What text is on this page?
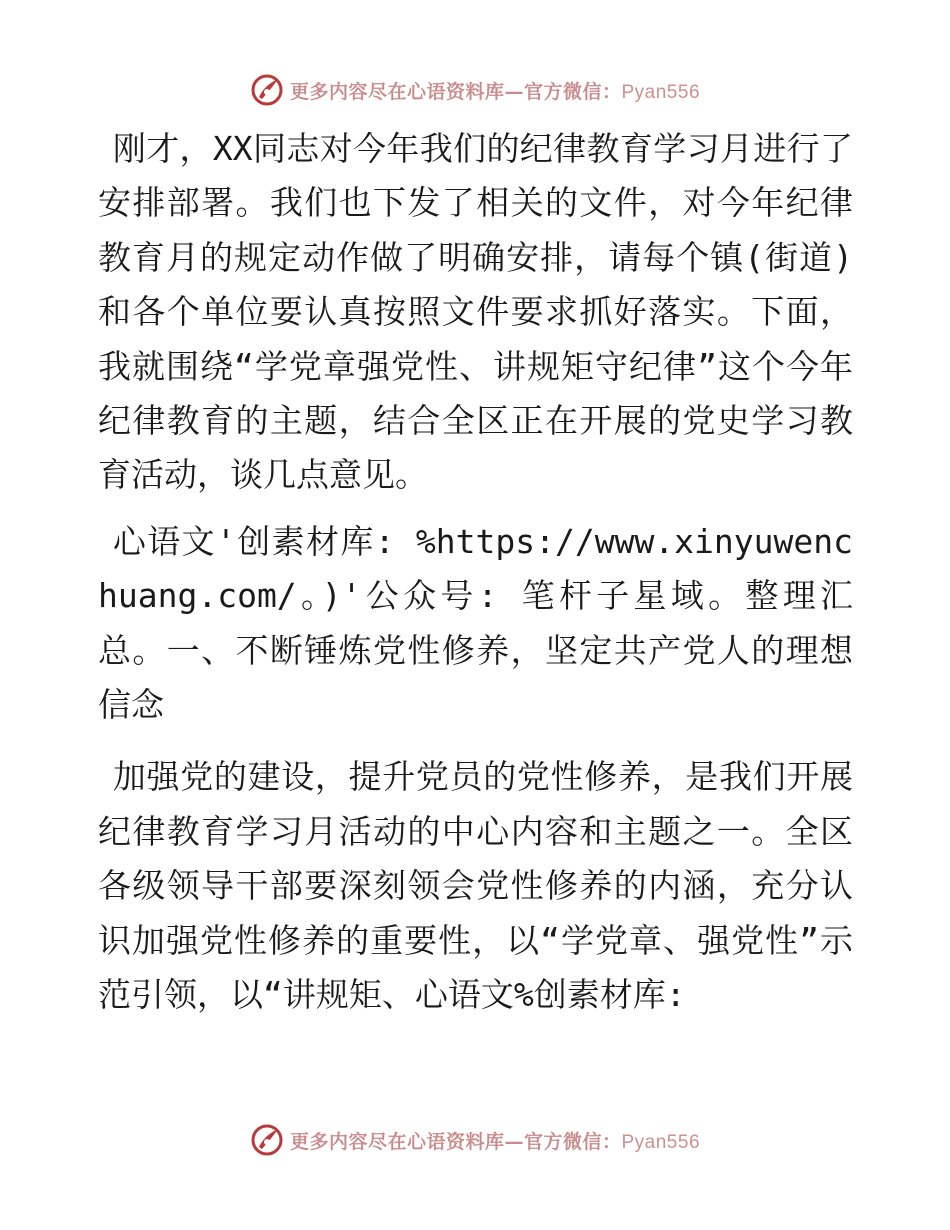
更多内容尽在心语资料库—官方微信：Pyan556

刚才，XX同志对今年我们的纪律教育学习月进行了安排部署。我们也下发了相关的文件，对今年纪律教育月的规定动作做了明确安排，请每个镇(街道)和各个单位要认真按照文件要求抓好落实。下面，我就围绕“学党章强党性、讲规矩守纪律”这个今年纪律教育的主题，结合全区正在开展的党史学习教育活动，谈几点意见。

心语文'创素材库: %https://www.xinyuwenchuang.com/。)'公众号: 笔杆子星域。整理汇总。一、不断锤炼党性修养，坚定共产党人的理想信念

加强党的建设，提升党员的党性修养，是我们开展纪律教育学习月活动的中心内容和主题之一。全区各级领导干部要深刻领会党性修养的内涵，充分认识加强党性修养的重要性，以“学党章、强党性”示范引领，以“讲规矩、心语文%创素材库:

更多内容尽在心语资料库—官方微信：Pyan556
